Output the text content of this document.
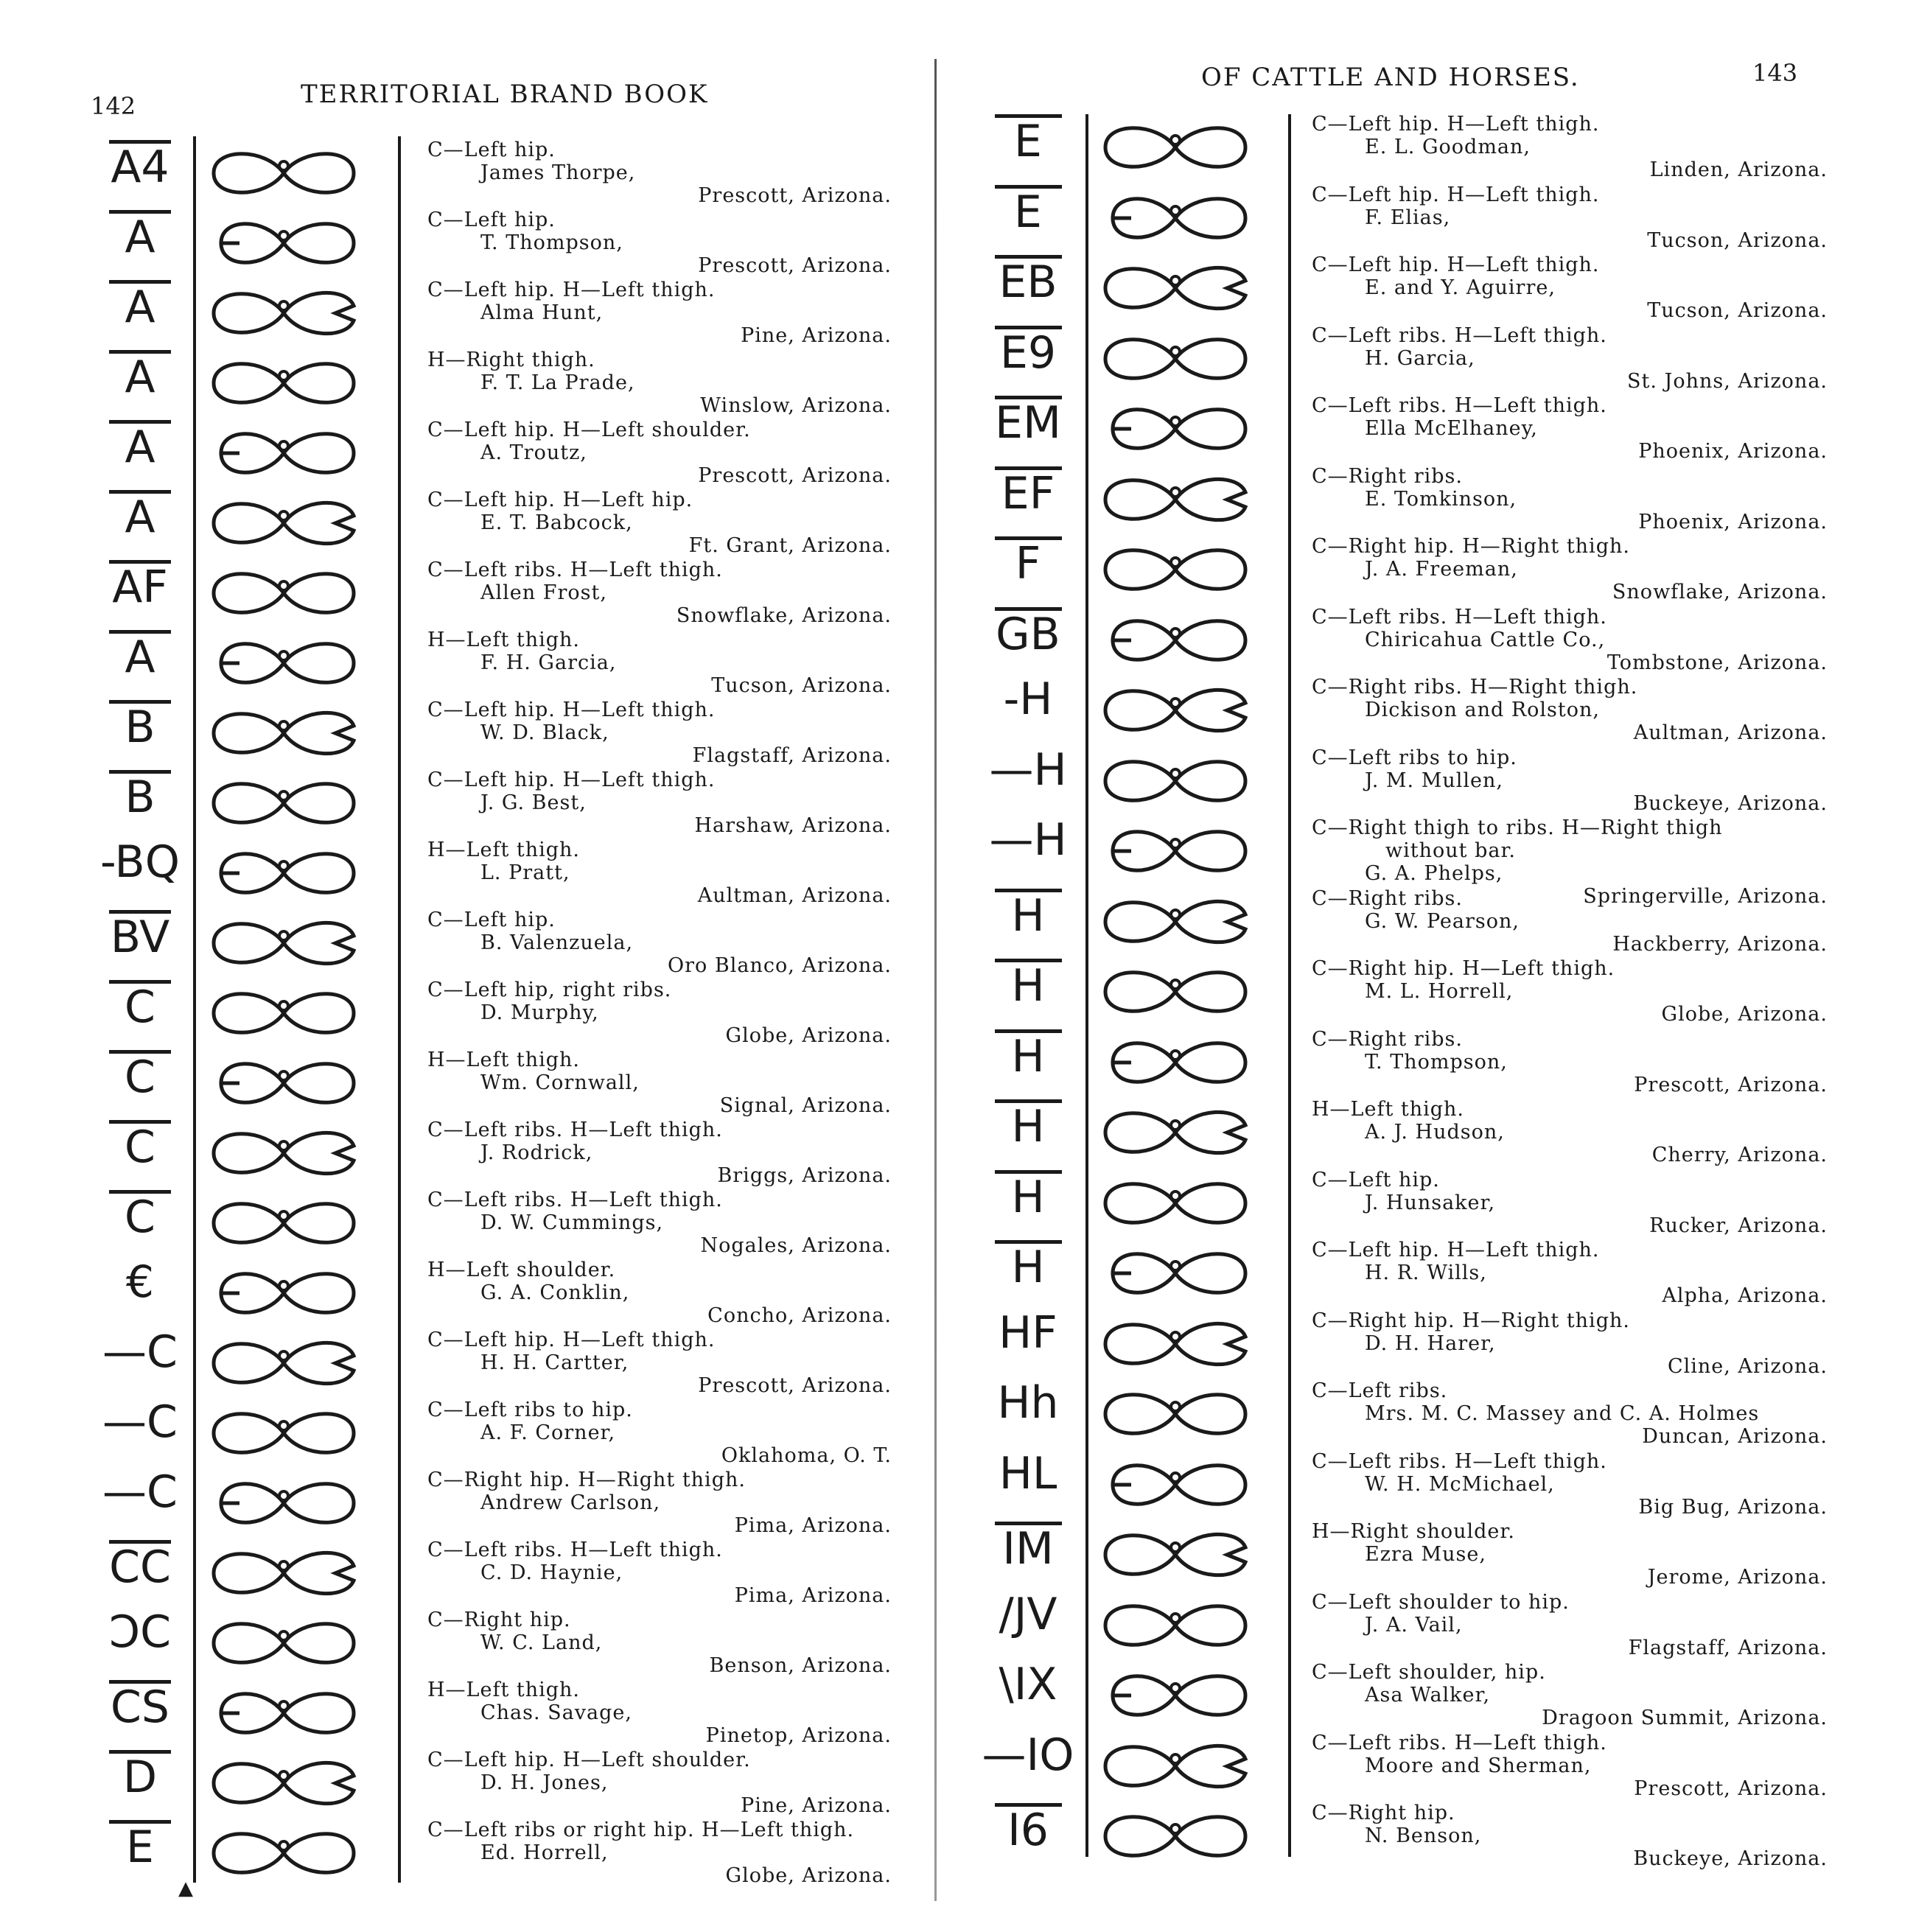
142	TERRITORIAL BRAND BOOK
▲
A4	C—Left hip.
James Thorpe,
Prescott, Arizona.
A	C—Left hip.
T. Thompson,
Prescott, Arizona.
A	C—Left hip. H—Left thigh.
Alma Hunt,
Pine, Arizona.
A	H—Right thigh.
F. T. La Prade,
Winslow, Arizona.
A	C—Left hip. H—Left shoulder.
A. Troutz,
Prescott, Arizona.
A	C—Left hip. H—Left hip.
E. T. Babcock,
Ft. Grant, Arizona.
AF	C—Left ribs. H—Left thigh.
Allen Frost,
Snowflake, Arizona.
A	H—Left thigh.
F. H. Garcia,
Tucson, Arizona.
B	C—Left hip. H—Left thigh.
W. D. Black,
Flagstaff, Arizona.
B	C—Left hip. H—Left thigh.
J. G. Best,
Harshaw, Arizona.
-BQ	H—Left thigh.
L. Pratt,
Aultman, Arizona.
BV	C—Left hip.
B. Valenzuela,
Oro Blanco, Arizona.
C	C—Left hip, right ribs.
D. Murphy,
Globe, Arizona.
C	H—Left thigh.
Wm. Cornwall,
Signal, Arizona.
C	C—Left ribs. H—Left thigh.
J. Rodrick,
Briggs, Arizona.
C	C—Left ribs. H—Left thigh.
D. W. Cummings,
Nogales, Arizona.
€	H—Left shoulder.
G. A. Conklin,
Concho, Arizona.
—C	C—Left hip. H—Left thigh.
H. H. Cartter,
Prescott, Arizona.
—C	C—Left ribs to hip.
A. F. Corner,
Oklahoma, O. T.
—C	C—Right hip. H—Right thigh.
Andrew Carlson,
Pima, Arizona.
CC	C—Left ribs. H—Left thigh.
C. D. Haynie,
Pima, Arizona.
ƆC	C—Right hip.
W. C. Land,
Benson, Arizona.
CS	H—Left thigh.
Chas. Savage,
Pinetop, Arizona.
D	C—Left hip. H—Left shoulder.
D. H. Jones,
Pine, Arizona.
E	C—Left ribs or right hip. H—Left thigh.
Ed. Horrell,
Globe, Arizona.
OF CATTLE AND HORSES.	143
E	C—Left hip. H—Left thigh.
E. L. Goodman,
Linden, Arizona.
E	C—Left hip. H—Left thigh.
F. Elias,
Tucson, Arizona.
EB	C—Left hip. H—Left thigh.
E. and Y. Aguirre,
Tucson, Arizona.
E9	C—Left ribs. H—Left thigh.
H. Garcia,
St. Johns, Arizona.
EM	C—Left ribs. H—Left thigh.
Ella McElhaney,
Phoenix, Arizona.
EF	C—Right ribs.
E. Tomkinson,
Phoenix, Arizona.
F	C—Right hip. H—Right thigh.
J. A. Freeman,
Snowflake, Arizona.
GB	C—Left ribs. H—Left thigh.
Chiricahua Cattle Co.,
Tombstone, Arizona.
-H	C—Right ribs. H—Right thigh.
Dickison and Rolston,
Aultman, Arizona.
—H	C—Left ribs to hip.
J. M. Mullen,
Buckeye, Arizona.
—H	C—Right thigh to ribs. H—Right thigh
without bar.
G. A. Phelps,
Springerville, Arizona.
H	C—Right ribs.
G. W. Pearson,
Hackberry, Arizona.
H	C—Right hip. H—Left thigh.
M. L. Horrell,
Globe, Arizona.
H	C—Right ribs.
T. Thompson,
Prescott, Arizona.
H	H—Left thigh.
A. J. Hudson,
Cherry, Arizona.
H	C—Left hip.
J. Hunsaker,
Rucker, Arizona.
H	C—Left hip. H—Left thigh.
H. R. Wills,
Alpha, Arizona.
HF	C—Right hip. H—Right thigh.
D. H. Harer,
Cline, Arizona.
Hh	C—Left ribs.
Mrs. M. C. Massey and C. A. Holmes
Duncan, Arizona.
HL	C—Left ribs. H—Left thigh.
W. H. McMichael,
Big Bug, Arizona.
IM	H—Right shoulder.
Ezra Muse,
Jerome, Arizona.
/JV	C—Left shoulder to hip.
J. A. Vail,
Flagstaff, Arizona.
\IX	C—Left shoulder, hip.
Asa Walker,
Dragoon Summit, Arizona.
—IO	C—Left ribs. H—Left thigh.
Moore and Sherman,
Prescott, Arizona.
I6	C—Right hip.
N. Benson,
Buckeye, Arizona.
